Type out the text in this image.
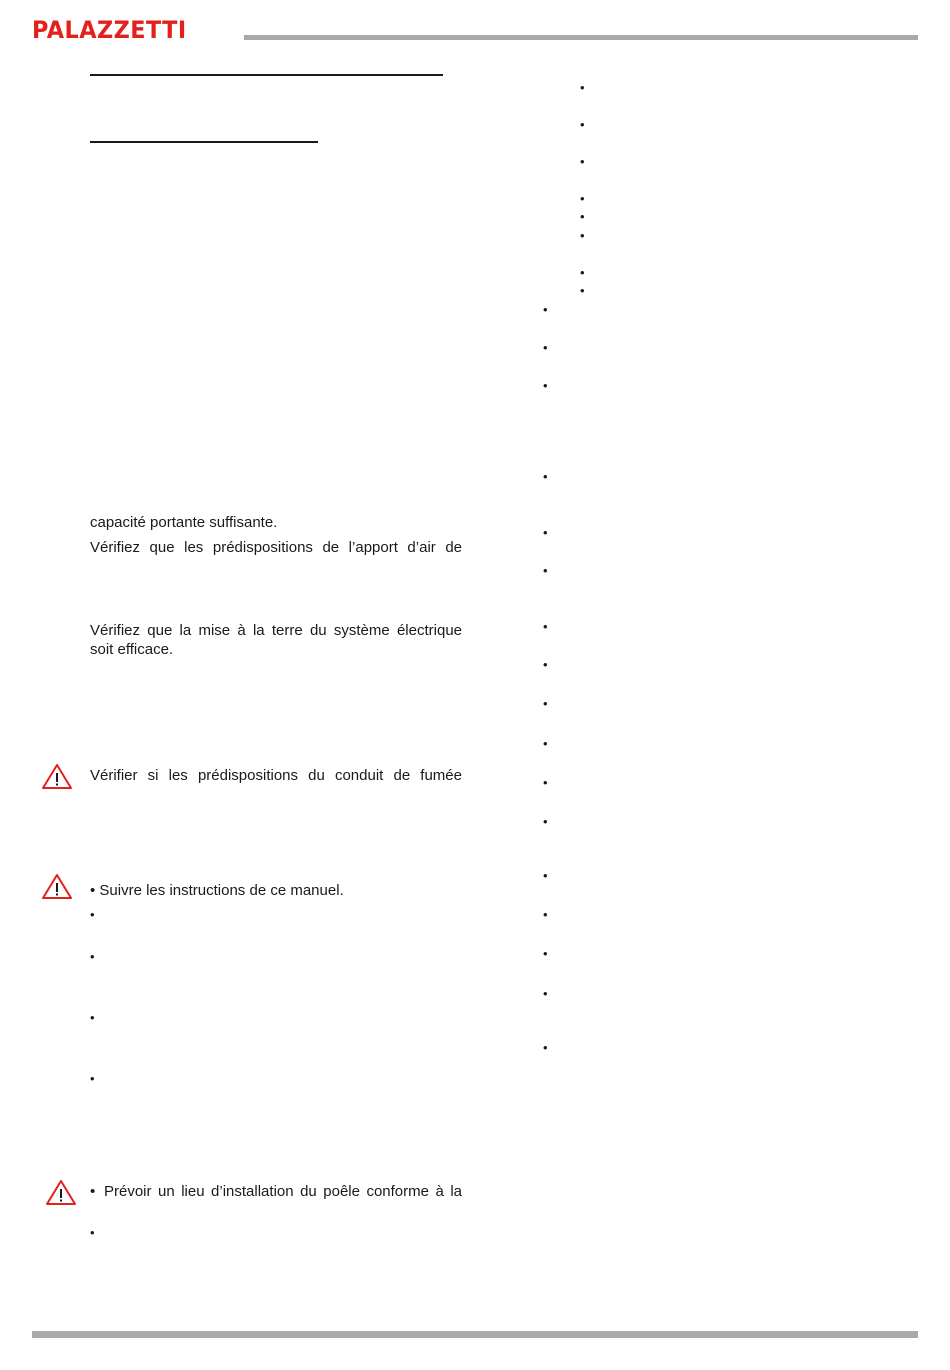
PALAZZETTI
capacité portante suffisante.
Vérifiez que les prédispositions de l’apport d’air de
Vérifiez que la mise à la terre du système électrique
soit efficace.
Vérifier si les prédispositions du conduit de fumée
• Suivre les instructions de ce manuel.
•
•
•
•
• Prévoir un lieu d’installation du poêle conforme à la
•
•
•
•
•
•
•
•
•
•
•
•
•
•
•
•
•
•
•
•
•
•
•
•
•
•
